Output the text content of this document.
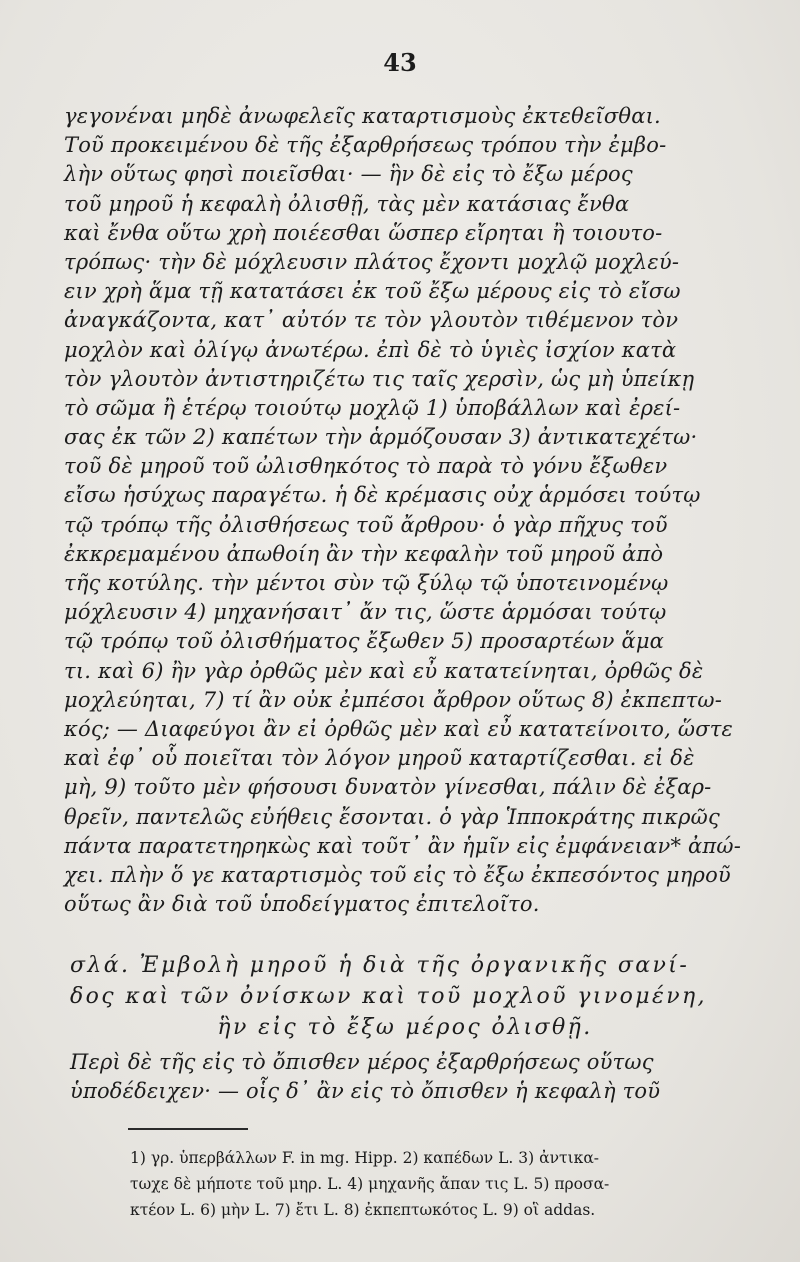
43
γεγονέναι μηδὲ ἀνωφελεῖς καταρτισμοὺς ἐκτεθεῖσθαι.
Τοῦ προκειμένου δὲ τῆς ἐξαρθρήσεως τρόπου τὴν ἐμβο-
λὴν οὕτως φησὶ ποιεῖσθαι· — ἣν δὲ εἰς τὸ ἔξω μέρος
τοῦ μηροῦ ἡ κεφαλὴ ὀλισθῇ, τὰς μὲν κατάσιας ἔνθα
καὶ ἔνθα οὕτω χρὴ ποιέεσθαι ὥσπερ εἴρηται ἢ τοιουτο-
τρόπως· τὴν δὲ μόχλευσιν πλάτος ἔχοντι μοχλῷ μοχλεύ-
ειν χρὴ ἅμα τῇ κατατάσει ἐκ τοῦ ἔξω μέρους εἰς τὸ εἴσω
ἀναγκάζοντα, κατ᾽ αὐτόν τε τὸν γλουτὸν τιθέμενον τὸν
μοχλὸν καὶ ὀλίγῳ ἀνωτέρω. ἐπὶ δὲ τὸ ὑγιὲς ἰσχίον κατὰ
τὸν γλουτὸν ἀντιστηριζέτω τις ταῖς χερσὶν, ὡς μὴ ὑπείκῃ
τὸ σῶμα ἢ ἑτέρῳ τοιούτῳ μοχλῷ 1) ὑποβάλλων καὶ ἐρεί-
σας ἐκ τῶν 2) καπέτων τὴν ἁρμόζουσαν 3) ἀντικατεχέτω·
τοῦ δὲ μηροῦ τοῦ ὠλισθηκότος τὸ παρὰ τὸ γόνυ ἔξωθεν
εἴσω ἡσύχως παραγέτω. ἡ δὲ κρέμασις οὐχ ἁρμόσει τούτῳ
τῷ τρόπῳ τῆς ὀλισθήσεως τοῦ ἄρθρου· ὁ γὰρ πῆχυς τοῦ
ἐκκρεμαμένου ἀπωθοίη ἂν τὴν κεφαλὴν τοῦ μηροῦ ἀπὸ
τῆς κοτύλης. τὴν μέντοι σὺν τῷ ξύλῳ τῷ ὑποτεινομένῳ
μόχλευσιν 4) μηχανήσαιτ᾽ ἄν τις, ὥστε ἁρμόσαι τούτῳ
τῷ τρόπῳ τοῦ ὀλισθήματος ἔξωθεν 5) προσαρτέων ἅμα
τι. καὶ 6) ἢν γὰρ ὀρθῶς μὲν καὶ εὖ κατατείνηται, ὀρθῶς δὲ
μοχλεύηται, 7) τί ἂν οὐκ ἐμπέσοι ἄρθρον οὕτως 8) ἐκπεπτω-
κός; — Διαφεύγοι ἂν εἰ ὀρθῶς μὲν καὶ εὖ κατατείνοιτο, ὥστε
καὶ ἐφ᾽ οὗ ποιεῖται τὸν λόγον μηροῦ καταρτίζεσθαι. εἰ δὲ
μὴ, 9) τοῦτο μὲν φήσουσι δυνατὸν γίνεσθαι, πάλιν δὲ ἐξαρ-
θρεῖν, παντελῶς εὐήθεις ἔσονται. ὁ γὰρ Ἱπποκράτης πικρῶς
πάντα παρατετηρηκὼς καὶ τοῦτ᾽ ἂν ἡμῖν εἰς ἐμφάνειαν* ἀπώ-
χει. πλὴν ὅ γε καταρτισμὸς τοῦ εἰς τὸ ἔξω ἐκπεσόντος μηροῦ
οὕτως ἂν διὰ τοῦ ὑποδείγματος ἐπιτελοῖτο.
σλά. Ἐμβολὴ μηροῦ ἡ διὰ τῆς ὀργανικῆς σανί-
δος καὶ τῶν ὀνίσκων καὶ τοῦ μοχλοῦ γινομένη,
ἣν εἰς τὸ ἔξω μέρος ὀλισθῇ.
Περὶ δὲ τῆς εἰς τὸ ὄπισθεν μέρος ἐξαρθρήσεως οὕτως
ὑποδέδειχεν· — οἷς δ᾽ ἂν εἰς τὸ ὄπισθεν ἡ κεφαλὴ τοῦ
1) γρ. ὑπερβάλλων F. in mg. Hipp. 2) καπέδων L. 3) ἀντικα-
τωχε δὲ μήποτε τοῦ μηρ. L. 4) μηχανῆς ἄπαν τις L. 5) προσα-
κτέον L. 6) μὴν L. 7) ἔτι L. 8) ἐκπεπτωκότος L. 9) οἳ addas.
